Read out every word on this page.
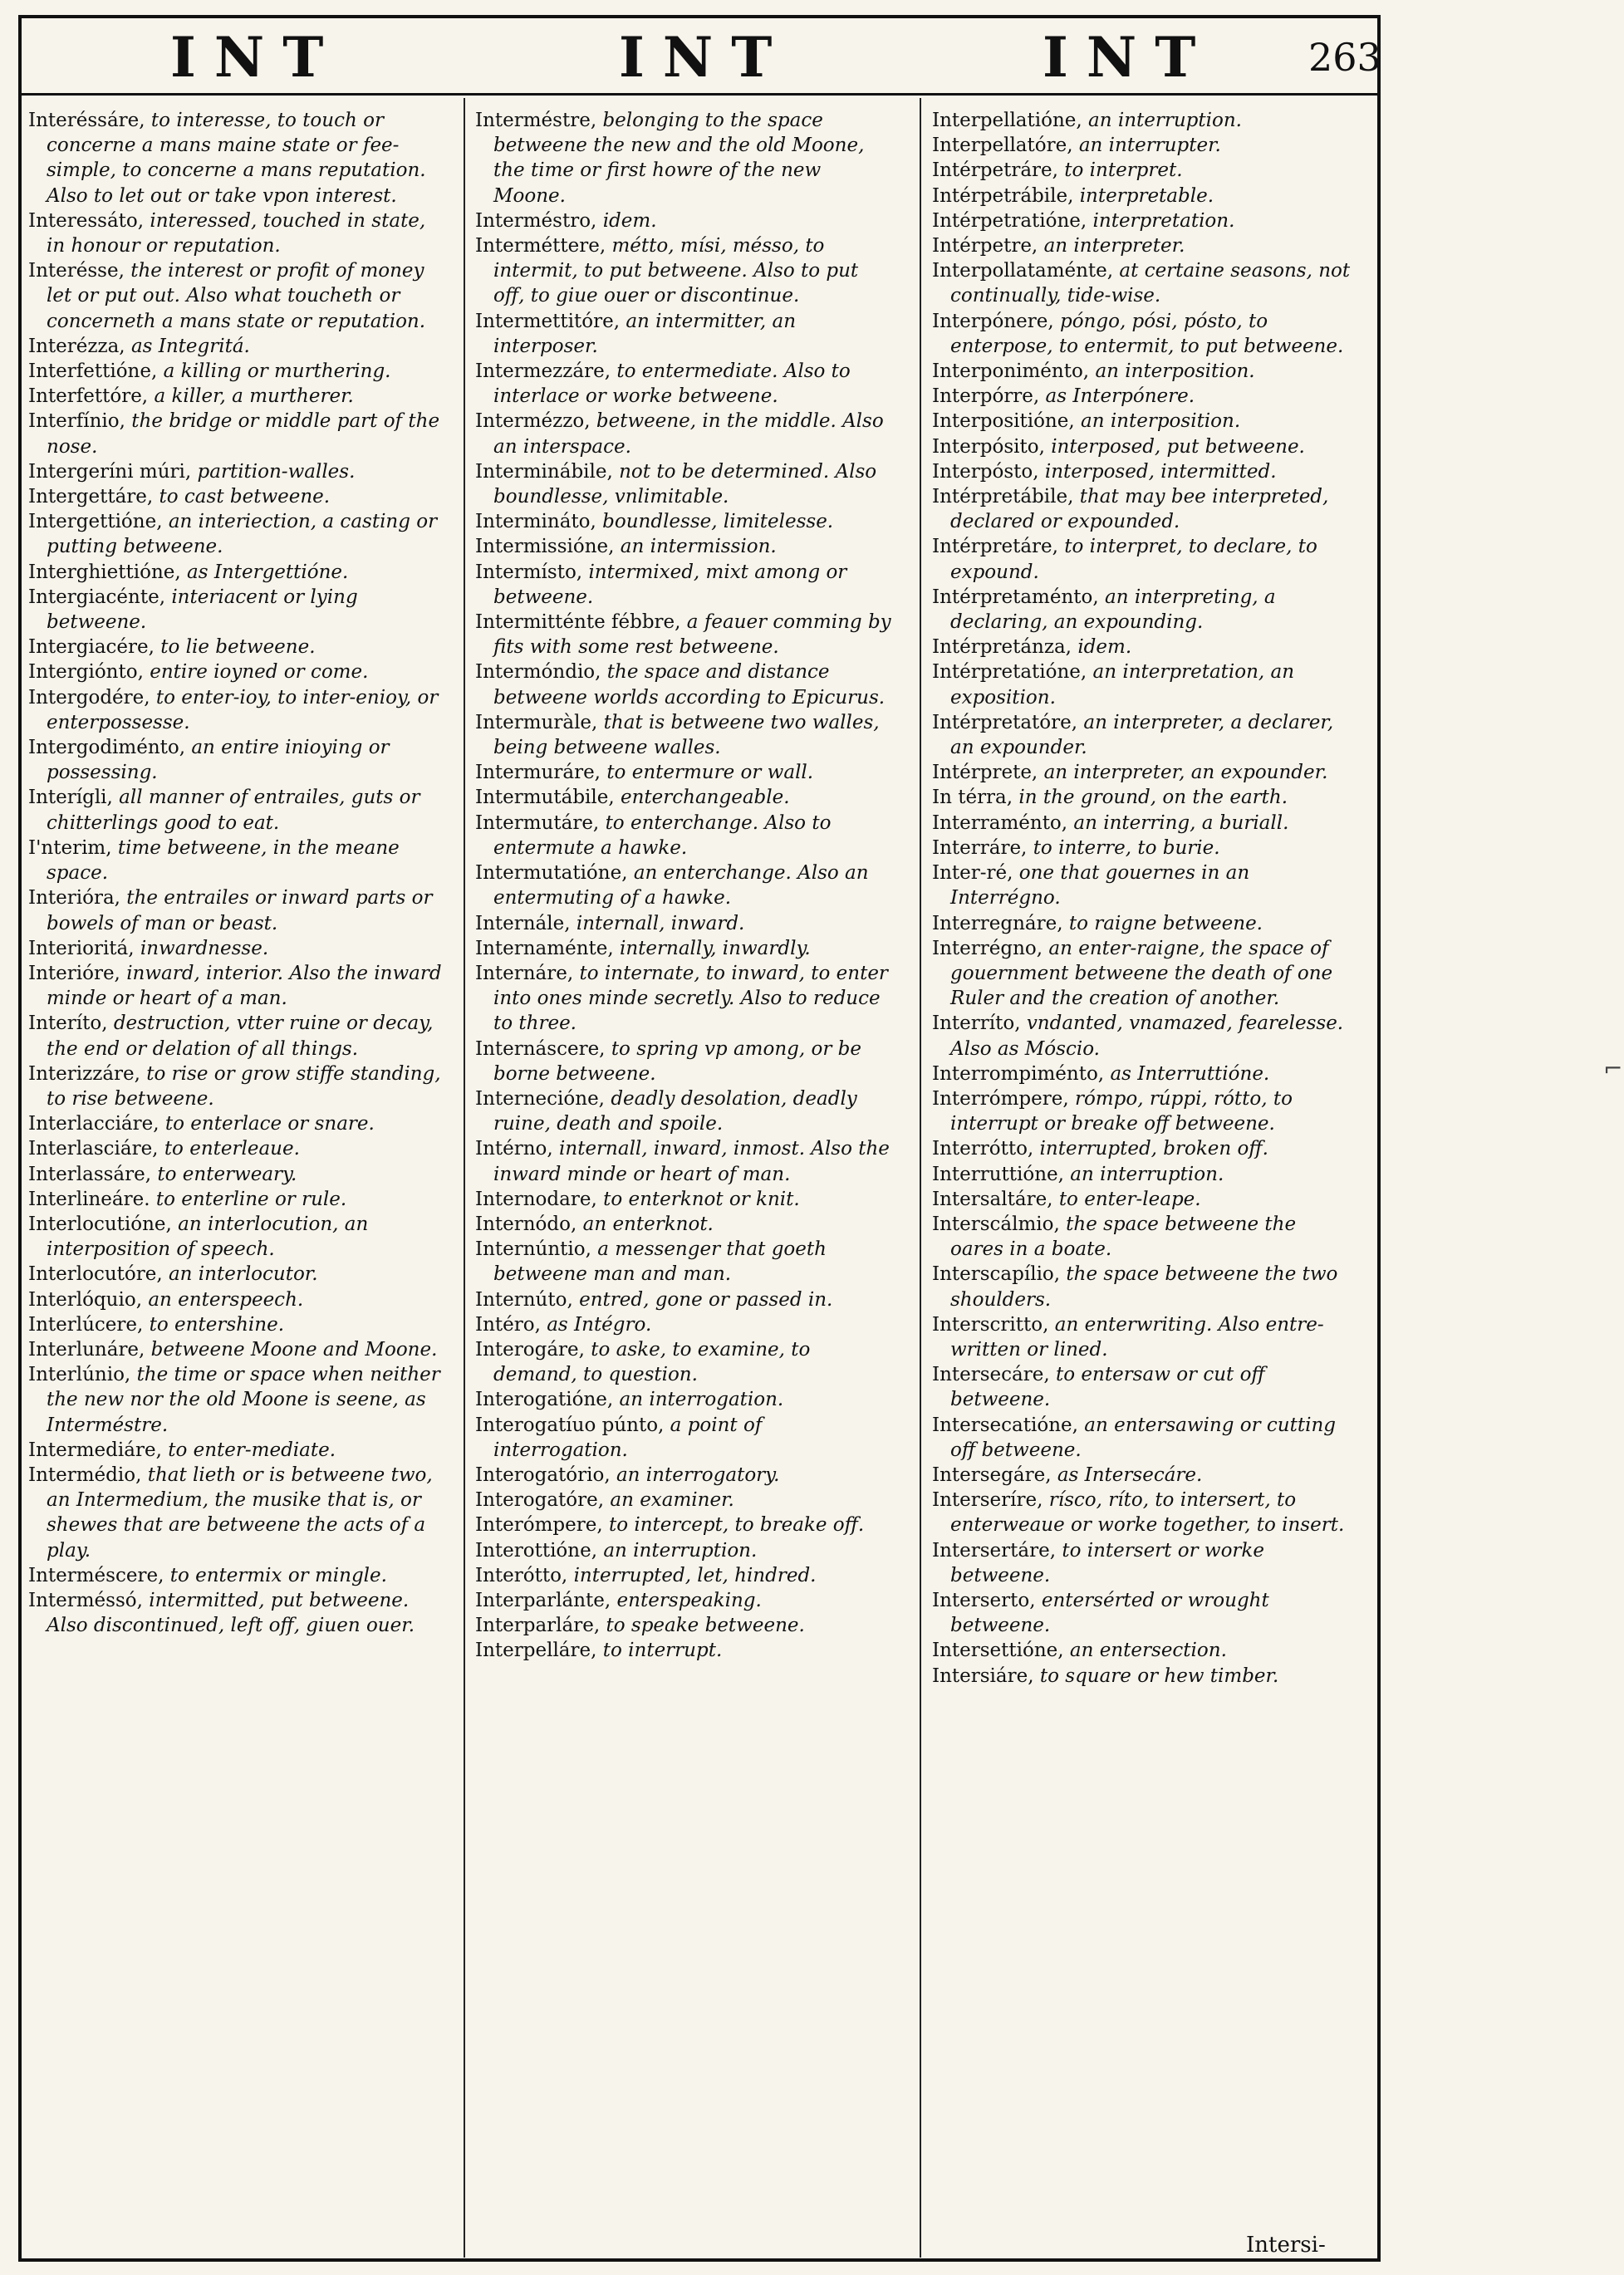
INT	INT	INT 263

Interéssáre, to interesse, to touch or concerne a mans maine state or fee-simple, to concerne a mans reputation. Also to let out or take vpon interest.

Interessáto, interessed, touched in state, in honour or reputation.

Interésse, the interest or profit of money let or put out. Also what toucheth or concerneth a mans state or reputation.

Interézza, as Integritá.

Interfettióne, a killing or murthering.

Interfettóre, a killer, a murtherer.

Interfínio, the bridge or middle part of the nose.

Intergeríni múri, partition-walles.

Intergettáre, to cast betweene.

Intergettióne, an interiection, a casting or putting betweene.

Interghiettióne, as Intergettióne.

Intergiacénte, interiacent or lying betweene.

Intergiacére, to lie betweene.

Intergiónto, entire ioyned or come.

Intergodére, to enter-ioy, to inter-enioy, or enterpossesse.

Intergodiménto, an entire inioying or possessing.

Interígli, all manner of entrailes, guts or chitterlings good to eat.

I'nterim, time betweene, in the meane space.

Interióra, the entrailes or inward parts or bowels of man or beast.

Interioritá, inwardnesse.

Interióre, inward, interior. Also the inward minde or heart of a man.

Interíto, destruction, vtter ruine or decay, the end or delation of all things.

Interizzáre, to rise or grow stiffe standing, to rise betweene.

Interlacciáre, to enterlace or snare.

Interlasciáre, to enterleaue.

Interlassáre, to enterweary.

Interlineáre. to enterline or rule.

Interlocutióne, an interlocution, an interposition of speech.

Interlocutóre, an interlocutor.

Interlóquio, an enterspeech.

Interlúcere, to entershine.

Interlunáre, betweene Moone and Moone.

Interlúnio, the time or space when neither the new nor the old Moone is seene, as Interméstre.

Intermediáre, to enter-mediate.

Intermédio, that lieth or is betweene two, an Intermedium, the musike that is, or shewes that are betweene the acts of a play.

Interméscere, to entermix or mingle.

Interméssó, intermitted, put betweene. Also discontinued, left off, giuen ouer.

Interméstre, belonging to the space betweene the new and the old Moone, the time or first howre of the new Moone.

Interméstro, idem.

Interméttere, métto, mísi, mésso, to intermit, to put betweene. Also to put off, to giue ouer or discontinue.

Intermettitóre, an intermitter, an interposer.

Intermezzáre, to entermediate. Also to interlace or worke betweene.

Intermézzo, betweene, in the middle. Also an interspace.

Interminábile, not to be determined. Also boundlesse, vnlimitable.

Intermináto, boundlesse, limitelesse.

Intermissióne, an intermission.

Intermísto, intermixed, mixt among or betweene.

Intermitténte fébbre, a feauer comming by fits with some rest betweene.

Intermóndio, the space and distance betweene worlds according to Epicurus.

Intermuràle, that is betweene two walles, being betweene walles.

Intermuráre, to entermure or wall.

Intermutábile, enterchangeable.

Intermutáre, to enterchange. Also to entermute a hawke.

Intermutatióne, an enterchange. Also an entermuting of a hawke.

Internále, internall, inward.

Internaménte, internally, inwardly.

Internáre, to internate, to inward, to enter into ones minde secretly. Also to reduce to three.

Internáscere, to spring vp among, or be borne betweene.

Internecióne, deadly desolation, deadly ruine, death and spoile.

Intérno, internall, inward, inmost. Also the inward minde or heart of man.

Internodare, to enterknot or knit.

Internódo, an enterknot.

Internúntio, a messenger that goeth betweene man and man.

Internúto, entred, gone or passed in.

Intéro, as Intégro.

Interogáre, to aske, to examine, to demand, to question.

Interogatióne, an interrogation.

Interogatíuo púnto, a point of interrogation.

Interogatório, an interrogatory.

Interogatóre, an examiner.

Interómpere, to intercept, to breake off.

Interottióne, an interruption.

Interótto, interrupted, let, hindred.

Interparlánte, enterspeaking.

Interparláre, to speake betweene.

Interpelláre, to interrupt.

Interpellatióne, an interruption.

Interpellatóre, an interrupter.

Intérpetráre, to interpret.

Intérpetrábile, interpretable.

Intérpetratióne, interpretation.

Intérpetre, an interpreter.

Interpollataménte, at certaine seasons, not continually, tide-wise.

Interpónere, póngo, pósi, pósto, to enterpose, to entermit, to put betweene.

Interponiménto, an interposition.

Interpórre, as Interpónere.

Interpositióne, an interposition.

Interpósito, interposed, put betweene.

Interpósto, interposed, intermitted.

Intérpretábile, that may bee interpreted, declared or expounded.

Intérpretáre, to interpret, to declare, to expound.

Intérpretaménto, an interpreting, a declaring, an expounding.

Intérpretánza, idem.

Intérpretatióne, an interpretation, an exposition.

Intérpretatóre, an interpreter, a declarer, an expounder.

Intérprete, an interpreter, an expounder.

In térra, in the ground, on the earth.

Interraménto, an interring, a buriall.

Interráre, to interre, to burie.

Inter-ré, one that gouernes in an Interrégno.

Interregnáre, to raigne betweene.

Interrégno, an enter-raigne, the space of gouernment betweene the death of one Ruler and the creation of another.

Interríto, vndanted, vnamazed, fearelesse. Also as Móscio.

Interrompiménto, as Interruttióne.

Interrómpere, rómpo, rúppi, rótto, to interrupt or breake off betweene.

Interrótto, interrupted, broken off.

Interruttióne, an interruption.

Intersaltáre, to enter-leape.

Interscálmio, the space betweene the oares in a boate.

Interscapílio, the space betweene the two shoulders.

Interscritto, an enterwriting. Also entre-written or lined.

Intersecáre, to entersaw or cut off betweene.

Intersecatióne, an entersawing or cutting off betweene.

Intersegáre, as Intersecáre.

Interseríre, rísco, ríto, to intersert, to enterweaue or worke together, to insert.

Intersertáre, to intersert or worke betweene.

Interserto, entersérted or wrought betweene.

Intersettióne, an entersection.

Intersiáre, to square or hew timber.

Intersi-
⌐
